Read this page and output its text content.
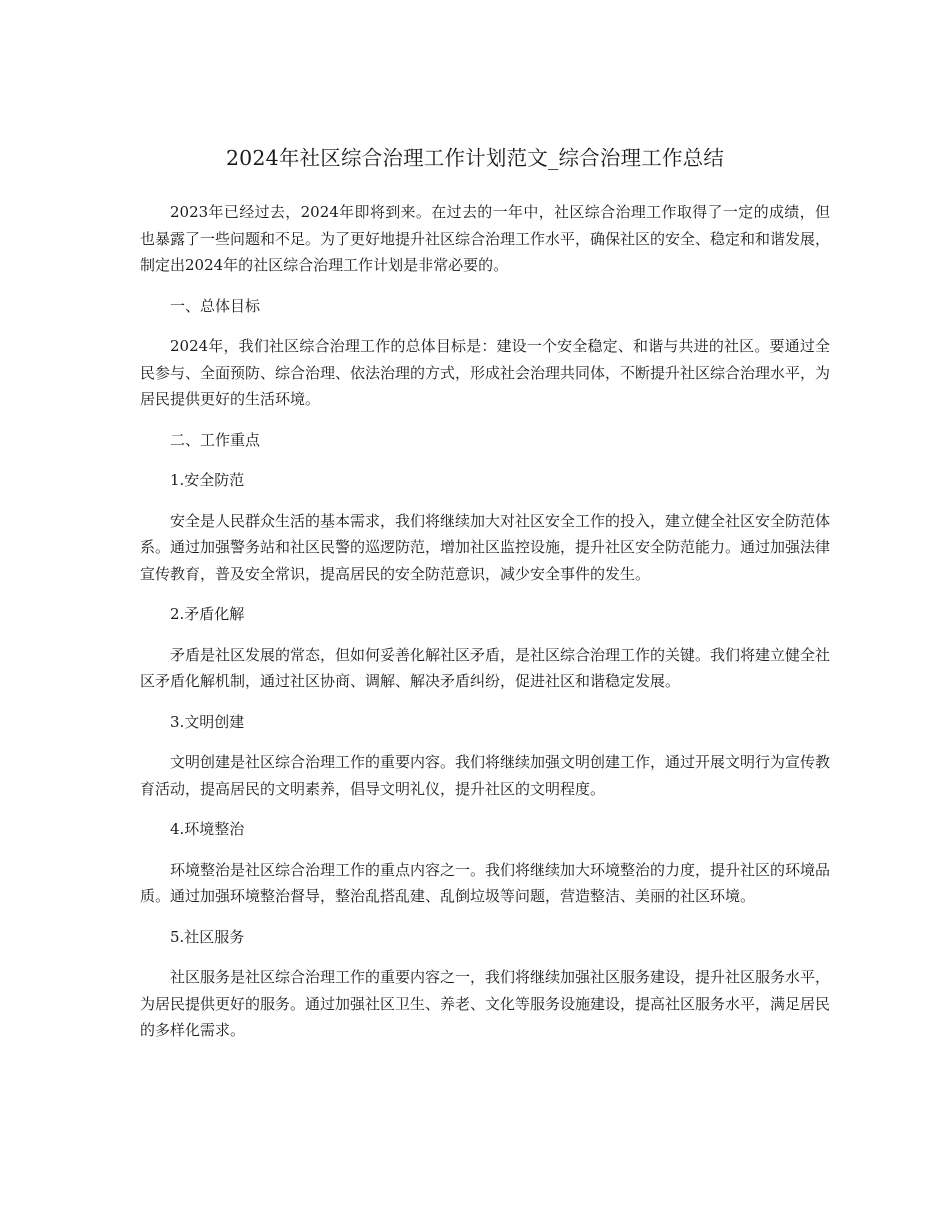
2024年社区综合治理工作计划范文_综合治理工作总结

2023年已经过去，2024年即将到来。在过去的一年中，社区综合治理工作取得了一定的成绩，但也暴露了一些问题和不足。为了更好地提升社区综合治理工作水平，确保社区的安全、稳定和和谐发展，制定出2024年的社区综合治理工作计划是非常必要的。

一、总体目标

2024年，我们社区综合治理工作的总体目标是：建设一个安全稳定、和谐与共进的社区。要通过全民参与、全面预防、综合治理、依法治理的方式，形成社会治理共同体，不断提升社区综合治理水平，为居民提供更好的生活环境。

二、工作重点

1.安全防范

安全是人民群众生活的基本需求，我们将继续加大对社区安全工作的投入，建立健全社区安全防范体系。通过加强警务站和社区民警的巡逻防范，增加社区监控设施，提升社区安全防范能力。通过加强法律宣传教育，普及安全常识，提高居民的安全防范意识，减少安全事件的发生。

2.矛盾化解

矛盾是社区发展的常态，但如何妥善化解社区矛盾，是社区综合治理工作的关键。我们将建立健全社区矛盾化解机制，通过社区协商、调解、解决矛盾纠纷，促进社区和谐稳定发展。

3.文明创建

文明创建是社区综合治理工作的重要内容。我们将继续加强文明创建工作，通过开展文明行为宣传教育活动，提高居民的文明素养，倡导文明礼仪，提升社区的文明程度。

4.环境整治

环境整治是社区综合治理工作的重点内容之一。我们将继续加大环境整治的力度，提升社区的环境品质。通过加强环境整治督导，整治乱搭乱建、乱倒垃圾等问题，营造整洁、美丽的社区环境。

5.社区服务

社区服务是社区综合治理工作的重要内容之一，我们将继续加强社区服务建设，提升社区服务水平，为居民提供更好的服务。通过加强社区卫生、养老、文化等服务设施建设，提高社区服务水平，满足居民的多样化需求。
